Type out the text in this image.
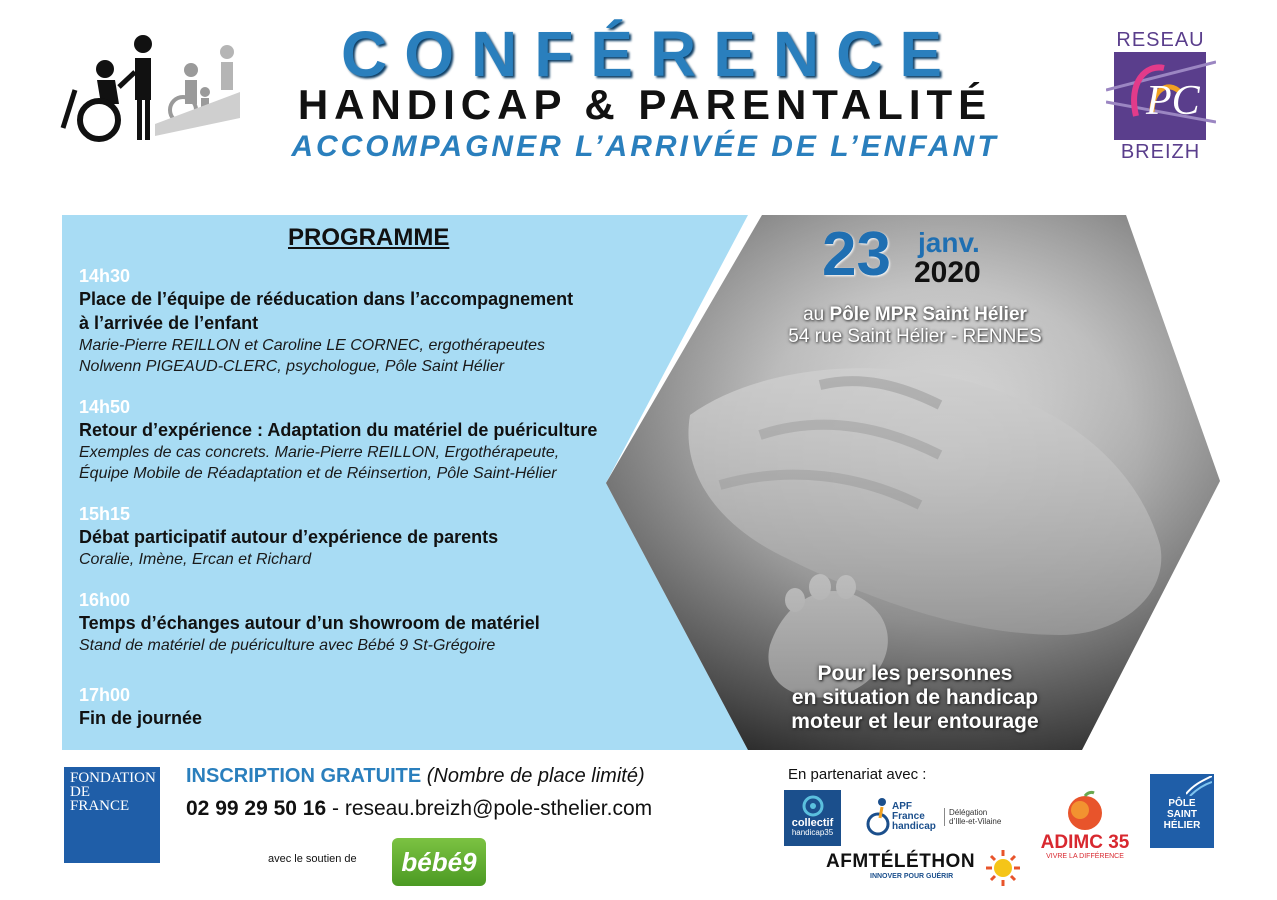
CONFÉRENCE
HANDICAP & PARENTALITÉ
ACCOMPAGNER L’ARRIVÉE DE L’ENFANT
RESEAU
PC
BREIZH
PROGRAMME
14h30
Place de l’équipe de rééducation dans l’accompagnement
à l’arrivée de l’enfant
Marie-Pierre REILLON et Caroline LE CORNEC, ergothérapeutes
Nolwenn PIGEAUD-CLERC, psychologue, Pôle Saint Hélier
14h50
Retour d’expérience : Adaptation du matériel de puériculture
Exemples de cas concrets. Marie-Pierre REILLON, Ergothérapeute,
Équipe Mobile de Réadaptation et de Réinsertion, Pôle Saint-Hélier
15h15
Débat participatif autour d’expérience de parents
Coralie, Imène, Ercan et Richard
16h00
Temps d’échanges autour d’un showroom de matériel
Stand de matériel de puériculture avec Bébé 9 St-Grégoire
17h00
Fin de journée
23 janv.
2020
au Pôle MPR Saint Hélier
54 rue Saint Hélier - RENNES
Pour les personnes
en situation de handicap
moteur et leur entourage
FONDATION
DE
FRANCE
INSCRIPTION GRATUITE (Nombre de place limité)
02 99 29 50 16 - reseau.breizh@pole-sthelier.com
avec le soutien de	bébé9
En partenariat avec :
collectif
handicap35
APF
France
handicap
Délégation
d’Ille-et-Vilaine
ADIMC 35
VIVRE LA DIFFÉRENCE
PÔLE
SAINT
HÉLIER
AFMTÉLÉTHON
INNOVER POUR GUÉRIR
